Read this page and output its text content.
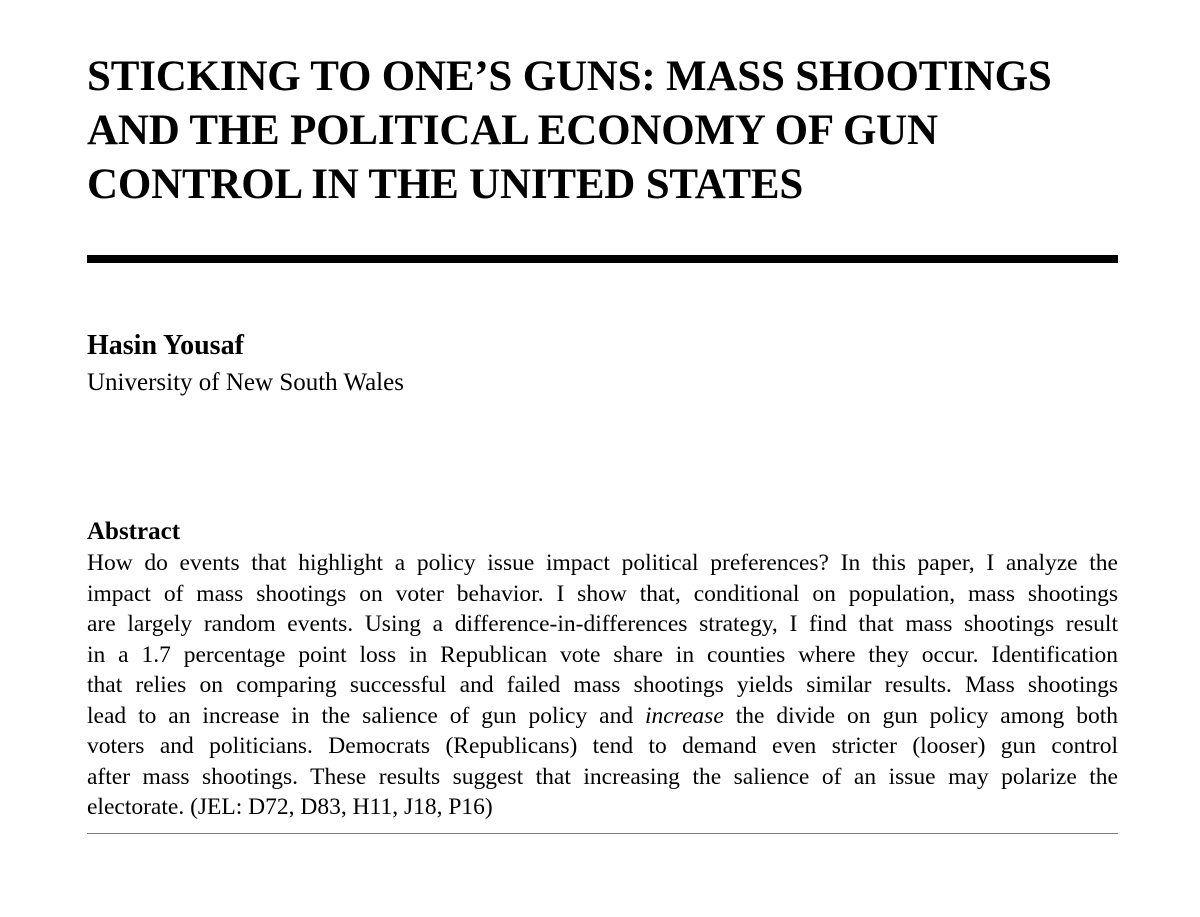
STICKING TO ONE’S GUNS: MASS SHOOTINGS
AND THE POLITICAL ECONOMY OF GUN
CONTROL IN THE UNITED STATES
Hasin Yousaf
University of New South Wales
Abstract
How do events that highlight a policy issue impact political preferences? In this paper, I analyze the
impact of mass shootings on voter behavior. I show that, conditional on population, mass shootings
are largely random events. Using a difference-in-differences strategy, I find that mass shootings result
in a 1.7 percentage point loss in Republican vote share in counties where they occur. Identification
that relies on comparing successful and failed mass shootings yields similar results. Mass shootings
lead to an increase in the salience of gun policy and increase the divide on gun policy among both
voters and politicians. Democrats (Republicans) tend to demand even stricter (looser) gun control
after mass shootings. These results suggest that increasing the salience of an issue may polarize the
electorate. (JEL: D72, D83, H11, J18, P16)
